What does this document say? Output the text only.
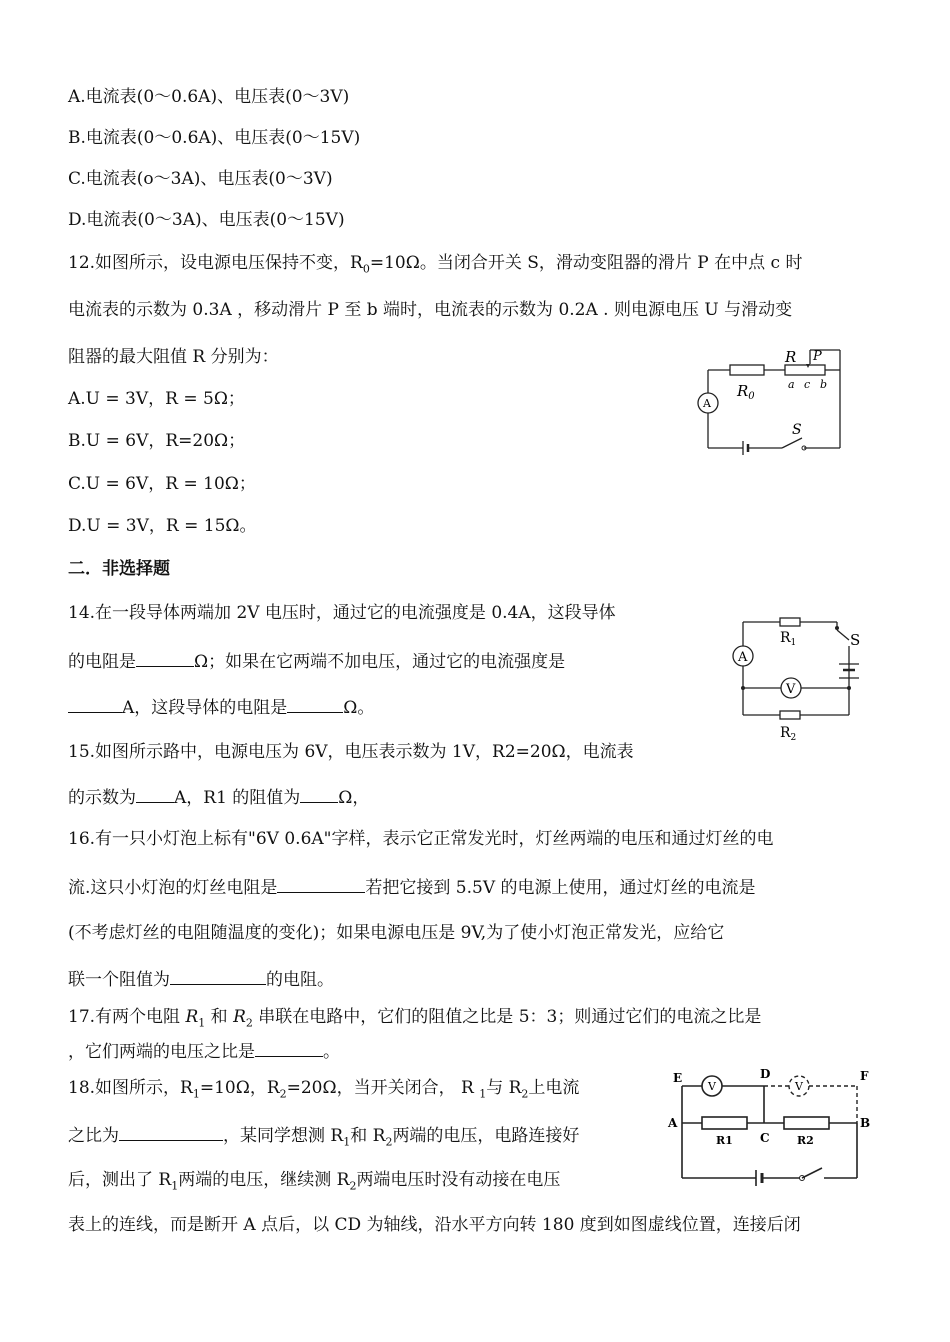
A.电流表(0～0.6A)、电压表(0～3V)
B.电流表(0～0.6A)、电压表(0～15V)
C.电流表(o～3A)、电压表(0～3V)
D.电流表(0～3A)、电压表(0～15V)
12.如图所示，设电源电压保持不变，$R_0=10\Omega$。当闭合开关 S，滑动变阻器的滑片 P 在中点 c 时
电流表的示数为 0.3A ，移动滑片 P 至 b 端时，电流表的示数为 0.2A . 则电源电压 U 与滑动变
阻器的最大阻值 R 分别为：
A.U = 3V，R = 5Ω；
B.U = 6V，R=20Ω；
C.U = 6V，R = 10Ω；
D.U = 3V，R = 15Ω。
A
R P
$R_0$
a c b
S
二．非选择题
14.在一段导体两端加 2V 电压时，通过它的电流强度是 0.4A，这段导体
的电阻是	Ω；如果在它两端不加电压，通过它的电流强度是
A，这段导体的电阻是	Ω。
A
V
$R_1$
$R_2$
S
15.如图所示路中，电源电压为 6V，电压表示数为 1V，R2=20Ω，电流表
的示数为 A，R1 的阻值为 Ω，
16.有一只小灯泡上标有"6V 0.6A"字样，表示它正常发光时，灯丝两端的电压和通过灯丝的电
流.这只小灯泡的灯丝电阻是	若把它接到 5.5V 的电源上使用，通过灯丝的电流是
(不考虑灯丝的电阻随温度的变化)；如果电源电压是 9V,为了使小灯泡正常发光，应给它
联一个阻值为	的电阻。
17.有两个电阻 $R_1$ 和 $R_2$ 串联在电路中，它们的阻值之比是 5：3；则通过它们的电流之比是
，它们两端的电压之比是	。
18.如图所示，$R_1=10\Omega$，$R_2=20\Omega$，当开关闭合， R $_1$与 $R_2$上电流
之比为	，某同学想测 $R_1$和 $R_2$两端的电压，电路连接好
后，测出了 $R_1$两端的电压，继续测 $R_2$两端电压时没有动接在电压
表上的连线，而是断开 A 点后，以 CD 为轴线，沿水平方向转 180 度到如图虚线位置，连接后闭
V	V
E	D	F
A
C
B
R1	R2
